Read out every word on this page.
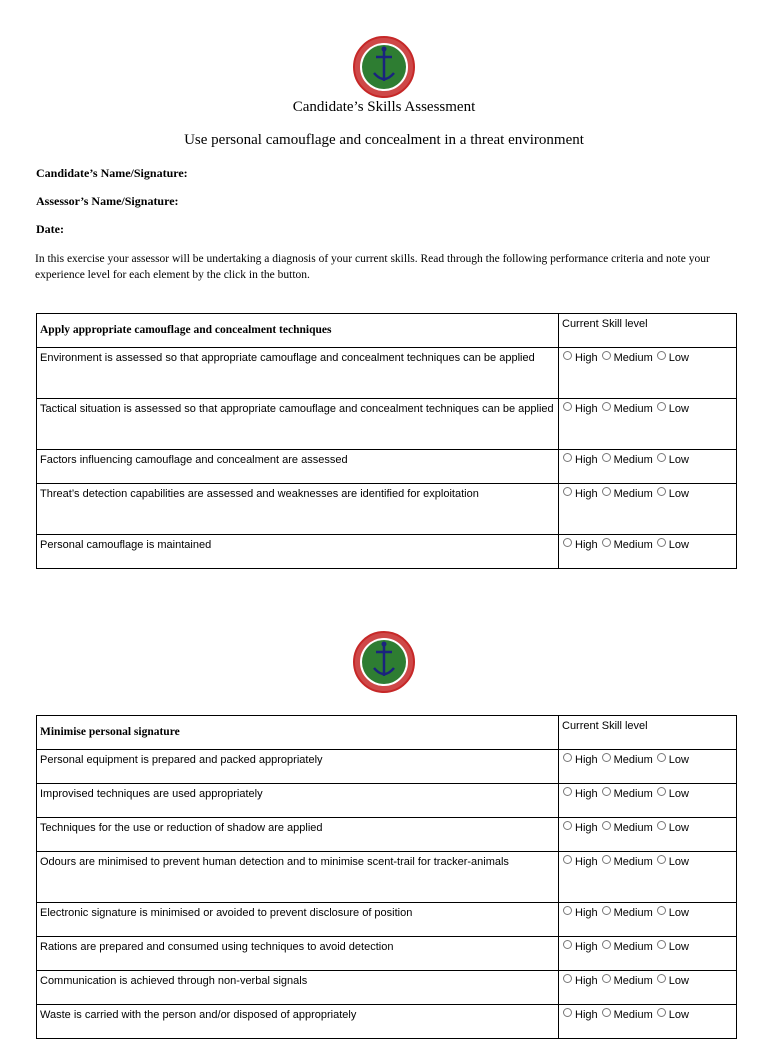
Candidate’s Skills Assessment
Use personal camouflage and concealment in a threat environment
Candidate’s Name/Signature:
Assessor’s Name/Signature:
Date:
In this exercise your assessor will be undertaking a diagnosis of your current skills. Read through the following performance criteria and note your experience level for each element by the click in the button.
Apply appropriate camouflage and concealment techniques	Current Skill level
Environment is assessed so that appropriate camouflage and concealment techniques can be applied	High Medium Low
Tactical situation is assessed so that appropriate camouflage and concealment techniques can be applied	High Medium Low
Factors influencing camouflage and concealment are assessed	High Medium Low
Threat’s detection capabilities are assessed and weaknesses are identified for exploitation	High Medium Low
Personal camouflage is maintained	High Medium Low
Minimise personal signature	Current Skill level
Personal equipment is prepared and packed appropriately	High Medium Low
Improvised techniques are used appropriately	High Medium Low
Techniques for the use or reduction of shadow are applied	High Medium Low
Odours are minimised to prevent human detection and to minimise scent-trail for tracker-animals	High Medium Low
Electronic signature is minimised or avoided to prevent disclosure of position	High Medium Low
Rations are prepared and consumed using techniques to avoid detection	High Medium Low
Communication is achieved through non-verbal signals	High Medium Low
Waste is carried with the person and/or disposed of appropriately	High Medium Low
